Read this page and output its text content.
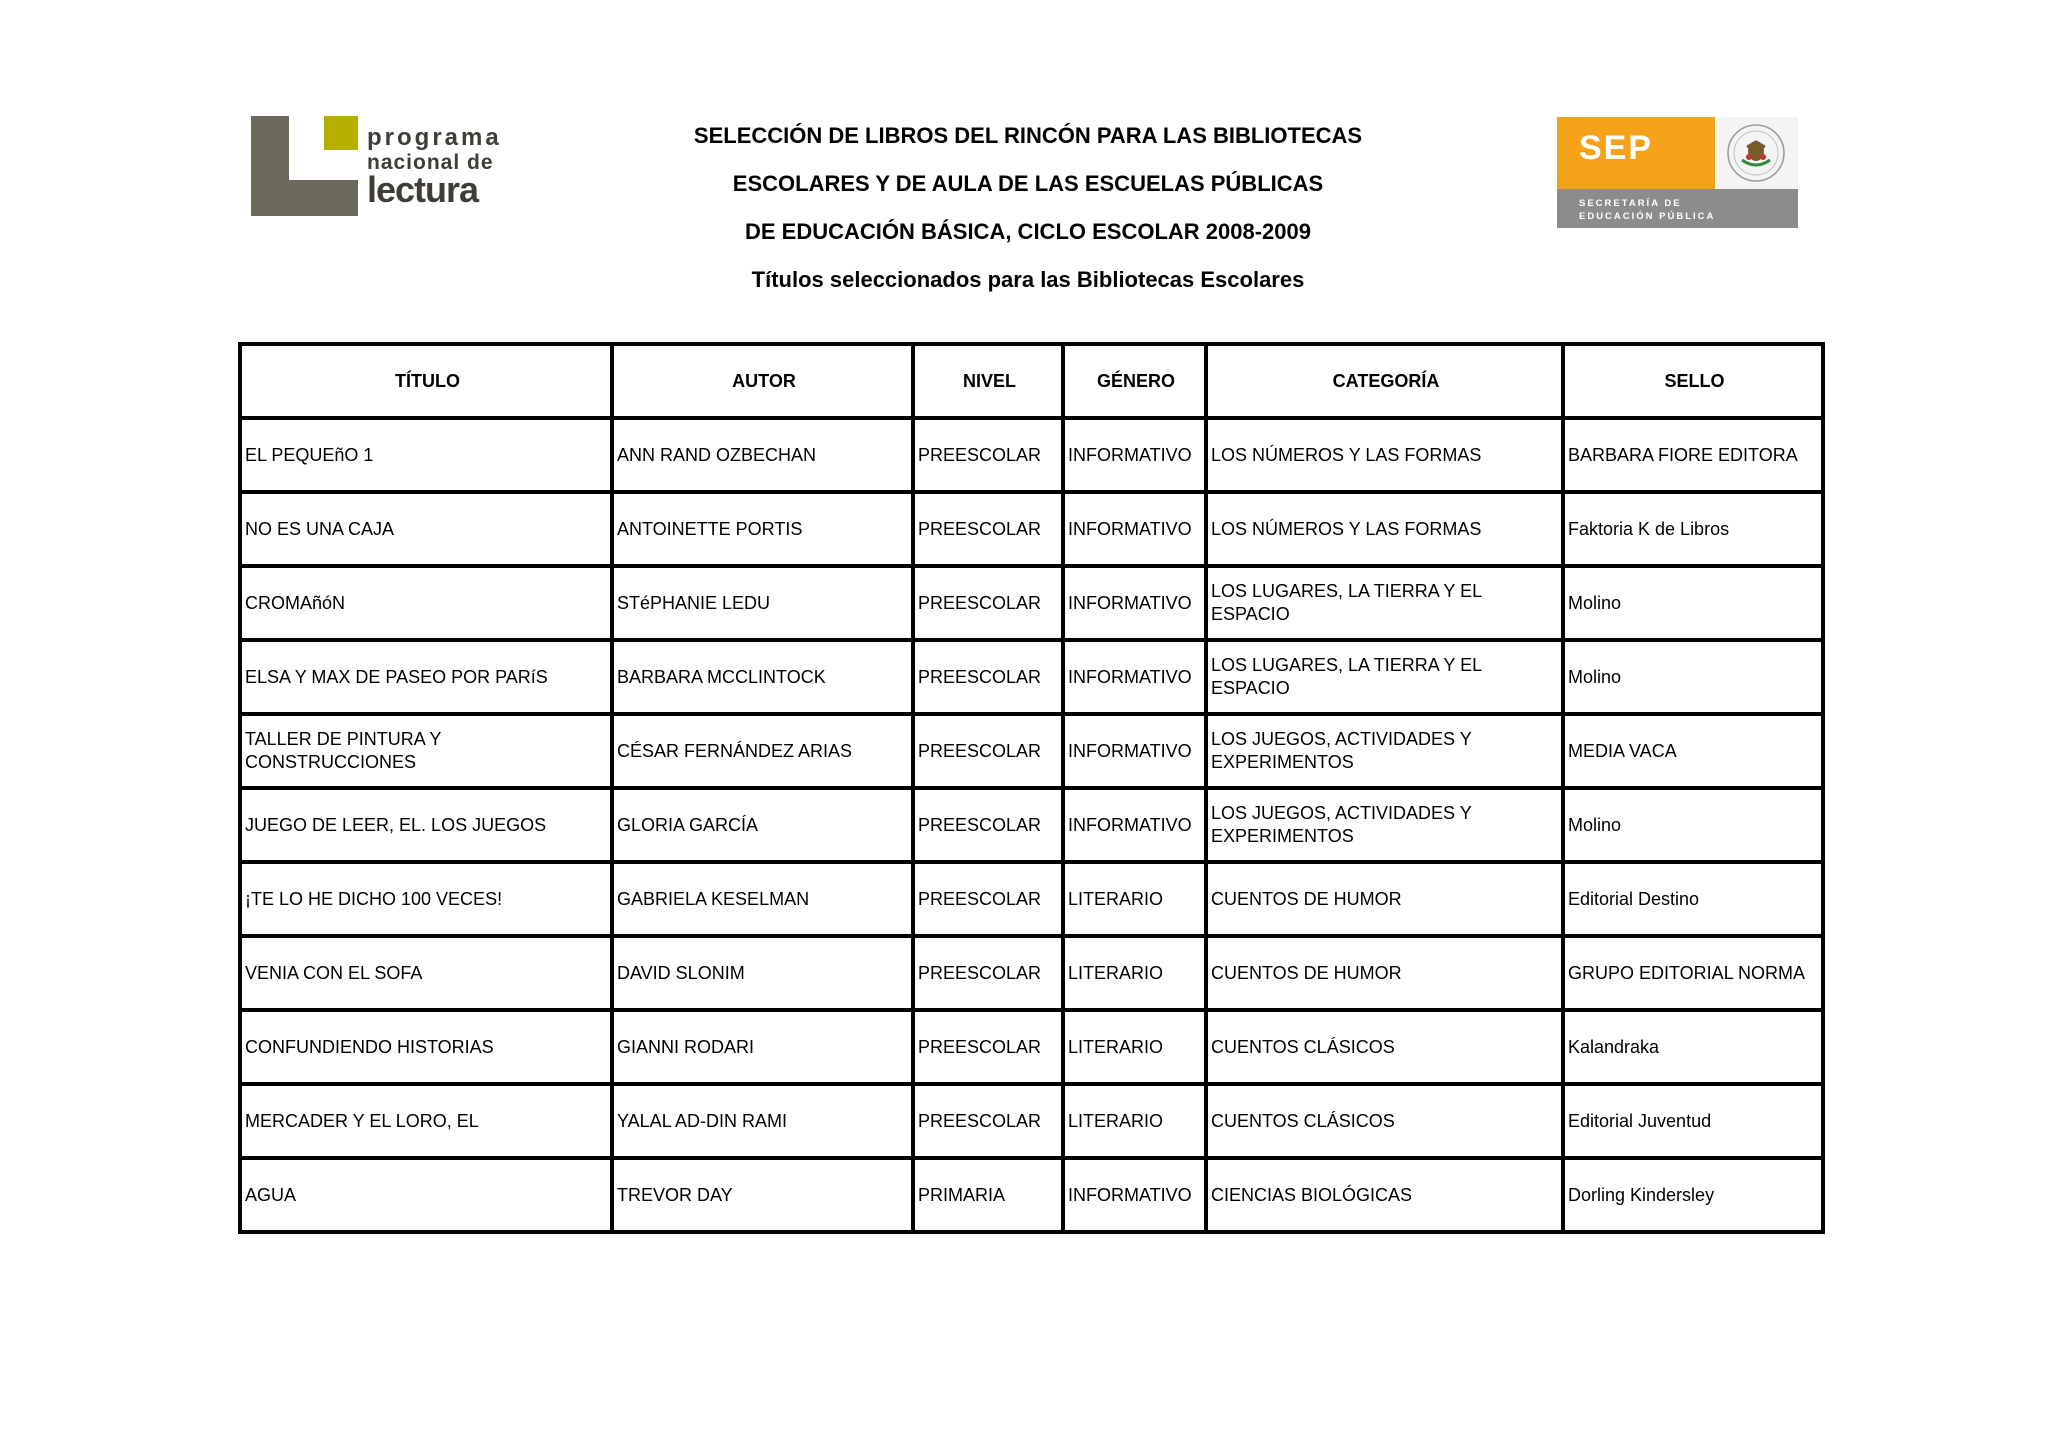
programa
nacional de
lectura
SELECCIÓN DE LIBROS DEL RINCÓN PARA LAS BIBLIOTECAS
ESCOLARES Y DE AULA DE LAS ESCUELAS PÚBLICAS
DE EDUCACIÓN BÁSICA, CICLO ESCOLAR 2008-2009
Títulos seleccionados para las Bibliotecas Escolares
SEP
SECRETARÍA DE
EDUCACIÓN PÚBLICA
TÍTULO	AUTOR	NIVEL	GÉNERO	CATEGORÍA	SELLO
EL PEQUEñO 1	ANN RAND OZBECHAN	PREESCOLAR	INFORMATIVO	LOS NÚMEROS Y LAS FORMAS	BARBARA FIORE EDITORA
NO ES UNA CAJA	ANTOINETTE PORTIS	PREESCOLAR	INFORMATIVO	LOS NÚMEROS Y LAS FORMAS	Faktoria K de Libros
CROMAñóN	STéPHANIE LEDU	PREESCOLAR	INFORMATIVO	LOS LUGARES, LA TIERRA Y EL ESPACIO	Molino
ELSA Y MAX DE PASEO POR PARíS	BARBARA MCCLINTOCK	PREESCOLAR	INFORMATIVO	LOS LUGARES, LA TIERRA Y EL ESPACIO	Molino
TALLER DE PINTURA Y CONSTRUCCIONES	CÉSAR FERNÁNDEZ ARIAS	PREESCOLAR	INFORMATIVO	LOS JUEGOS, ACTIVIDADES Y EXPERIMENTOS	MEDIA VACA
JUEGO DE LEER, EL. LOS JUEGOS	GLORIA GARCÍA	PREESCOLAR	INFORMATIVO	LOS JUEGOS, ACTIVIDADES Y EXPERIMENTOS	Molino
¡TE LO HE DICHO 100 VECES!	GABRIELA KESELMAN	PREESCOLAR	LITERARIO	CUENTOS DE HUMOR	Editorial Destino
VENIA CON EL SOFA	DAVID SLONIM	PREESCOLAR	LITERARIO	CUENTOS DE HUMOR	GRUPO EDITORIAL NORMA
CONFUNDIENDO HISTORIAS	GIANNI RODARI	PREESCOLAR	LITERARIO	CUENTOS CLÁSICOS	Kalandraka
MERCADER Y EL LORO, EL	YALAL AD-DIN RAMI	PREESCOLAR	LITERARIO	CUENTOS CLÁSICOS	Editorial Juventud
AGUA	TREVOR DAY	PRIMARIA	INFORMATIVO	CIENCIAS BIOLÓGICAS	Dorling Kindersley
